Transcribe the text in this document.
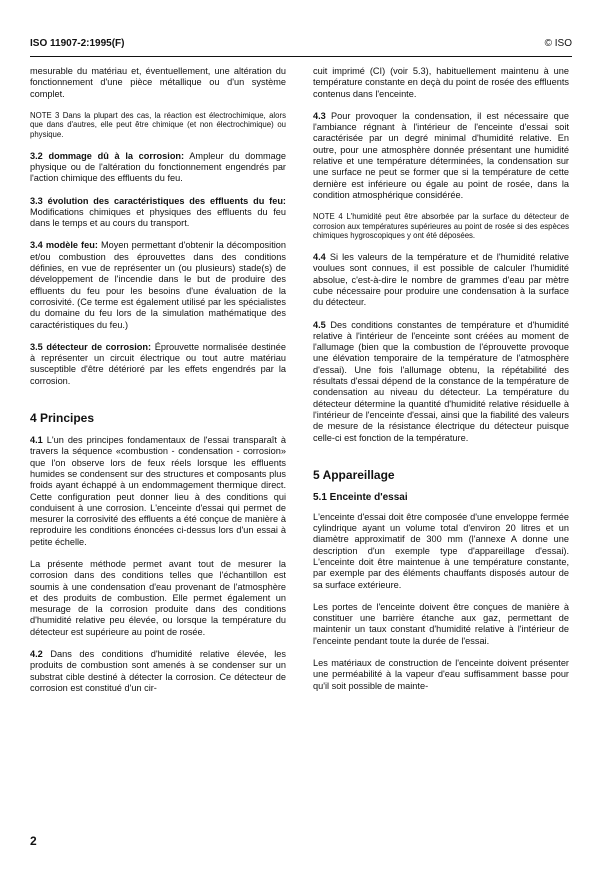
ISO 11907-2:1995(F)	© ISO

mesurable du matériau et, éventuellement, une altération du fonctionnement d'une pièce métallique ou d'un système complet.

NOTE 3 Dans la plupart des cas, la réaction est électrochimique, alors que dans d'autres, elle peut être chimique (et non électrochimique) ou physique.

3.2 dommage dû à la corrosion: Ampleur du dommage physique ou de l'altération du fonctionnement engendrés par l'action chimique des effluents du feu.

3.3 évolution des caractéristiques des effluents du feu: Modifications chimiques et physiques des effluents du feu dans le temps et au cours du transport.

3.4 modèle feu: Moyen permettant d'obtenir la décomposition et/ou combustion des éprouvettes dans des conditions définies, en vue de représenter un (ou plusieurs) stade(s) de développement de l'incendie dans le but de produire des effluents du feu pour les besoins d'une évaluation de la corrosivité. (Ce terme est également utilisé par les spécialistes du domaine du feu lors de la simulation mathématique des caractéristiques du feu.)

3.5 détecteur de corrosion: Éprouvette normalisée destinée à représenter un circuit électrique ou tout autre matériau susceptible d'être détérioré par les effets engendrés par la corrosion.

4 Principes

4.1 L'un des principes fondamentaux de l'essai transparaît à travers la séquence «combustion - condensation - corrosion» que l'on observe lors de feux réels lorsque les effluents humides se condensent sur des structures et composants plus froids ayant échappé à un endommagement thermique direct. Cette configuration peut donner lieu à des conditions qui conduisent à une corrosion. L'enceinte d'essai qui permet de mesurer la corrosivité des effluents a été conçue de manière à reproduire les conditions énoncées ci-dessus lors d'un essai à petite échelle.

La présente méthode permet avant tout de mesurer la corrosion dans des conditions telles que l'échantillon est soumis à une condensation d'eau provenant de l'atmosphère et des produits de combustion. Elle permet également un mesurage de la corrosion produite dans des conditions d'humidité relative peu élevée, ou lorsque la température du détecteur est supérieure au point de rosée.

4.2 Dans des conditions d'humidité relative élevée, les produits de combustion sont amenés à se condenser sur un substrat cible destiné à détecter la corrosion. Ce détecteur de corrosion est constitué d'un cir-

cuit imprimé (CI) (voir 5.3), habituellement maintenu à une température constante en deçà du point de rosée des effluents contenus dans l'enceinte.

4.3 Pour provoquer la condensation, il est nécessaire que l'ambiance régnant à l'intérieur de l'enceinte d'essai soit caractérisée par un degré minimal d'humidité relative. En outre, pour une atmosphère donnée présentant une humidité relative et une température déterminées, la condensation sur une surface ne peut se former que si la température de cette dernière est inférieure ou égale au point de rosée, dans la condition atmosphérique considérée.

NOTE 4 L'humidité peut être absorbée par la surface du détecteur de corrosion aux températures supérieures au point de rosée si des espèces chimiques hygroscopiques y ont été déposées.

4.4 Si les valeurs de la température et de l'humidité relative voulues sont connues, il est possible de calculer l'humidité absolue, c'est-à-dire le nombre de grammes d'eau par mètre cube nécessaire pour produire une condensation à la surface du détecteur.

4.5 Des conditions constantes de température et d'humidité relative à l'intérieur de l'enceinte sont créées au moment de l'allumage (bien que la combustion de l'éprouvette provoque une élévation temporaire de la température de l'atmosphère d'essai). Une fois l'allumage obtenu, la répétabilité des résultats d'essai dépend de la constance de la température de condensation au niveau du détecteur. La température du détecteur détermine la quantité d'humidité relative résiduelle à l'intérieur de l'enceinte d'essai, ainsi que la fiabilité des valeurs de mesure de la résistance électrique du détecteur puisque celle-ci est fonction de la température.

5 Appareillage
5.1 Enceinte d'essai

L'enceinte d'essai doit être composée d'une enveloppe fermée cylindrique ayant un volume total d'environ 20 litres et un diamètre approximatif de 300 mm (l'annexe A donne une description d'un exemple type d'appareillage d'essai). L'enceinte doit être maintenue à une température constante, par exemple par des éléments chauffants disposés autour de sa surface extérieure.

Les portes de l'enceinte doivent être conçues de manière à constituer une barrière étanche aux gaz, permettant de maintenir un taux constant d'humidité relative à l'intérieur de l'enceinte pendant toute la durée de l'essai.

Les matériaux de construction de l'enceinte doivent présenter une perméabilité à la vapeur d'eau suffisamment basse pour qu'il soit possible de mainte-

2
